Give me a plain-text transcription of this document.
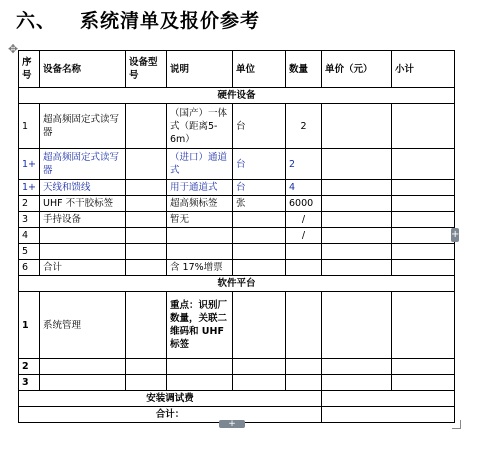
六、 系统清单及报价参考
✥
序号	设备名称	设备型号	说明	单位	数量	单价（元）	小计
硬件设备							
1	超高频固定式读写器		（国产）一体式（距离5-6m）	台	2		
1+	超高频固定式读写器		（进口）通道式	台	2		
1+	天线和馈线		用于通道式	台	4		
2	UHF 不干胶标签		超高频标签	张	6000		
3	手持设备		暂无		/		
4					/		
5							
6	合计		含 17%增票				
软件平台							
1	系统管理		重点：识别厂数量，关联二维码和 UHF 标签				
2							
3							
安装调试费							
合计：							
+
+
